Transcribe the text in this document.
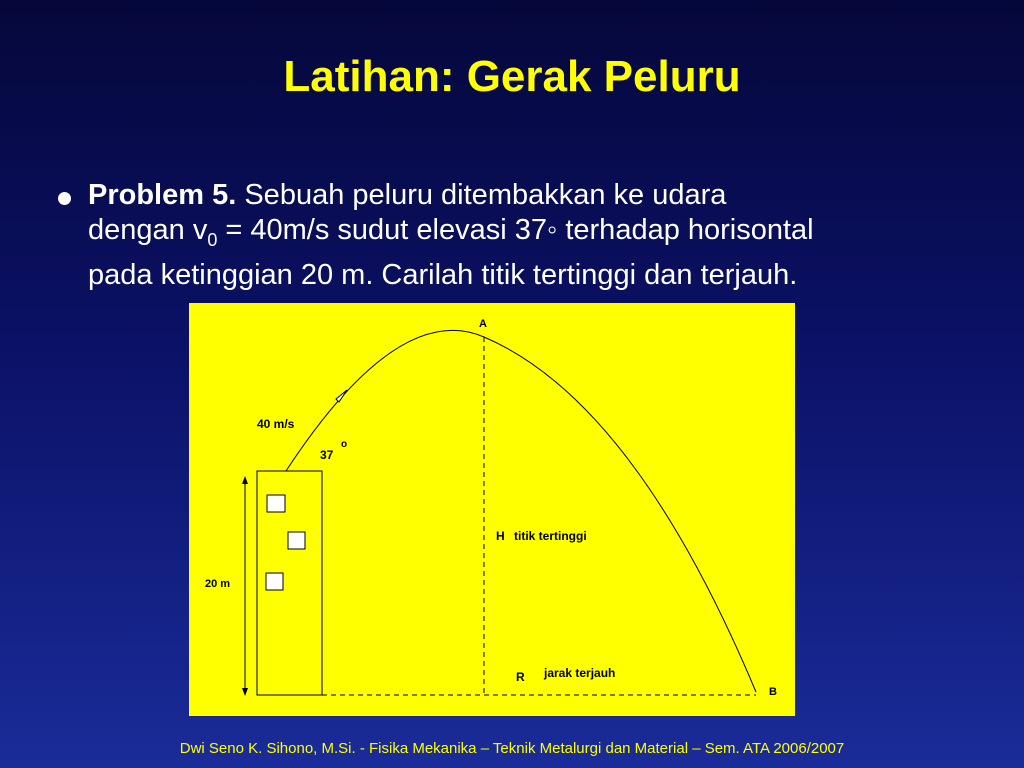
Latihan: Gerak Peluru
Problem 5. Sebuah peluru ditembakkan ke udara
dengan $v_0 = 40m/s$ sudut elevasi 37◦ terhadap horisontal
pada ketinggian 20 m. Carilah titik tertinggi dan terjauh.
A
B
40 m/s
37
o
20 m
H titik tertinggi
R jarak terjauh
Dwi Seno K. Sihono, M.Si. - Fisika Mekanika – Teknik Metalurgi dan Material – Sem. ATA 2006/2007
